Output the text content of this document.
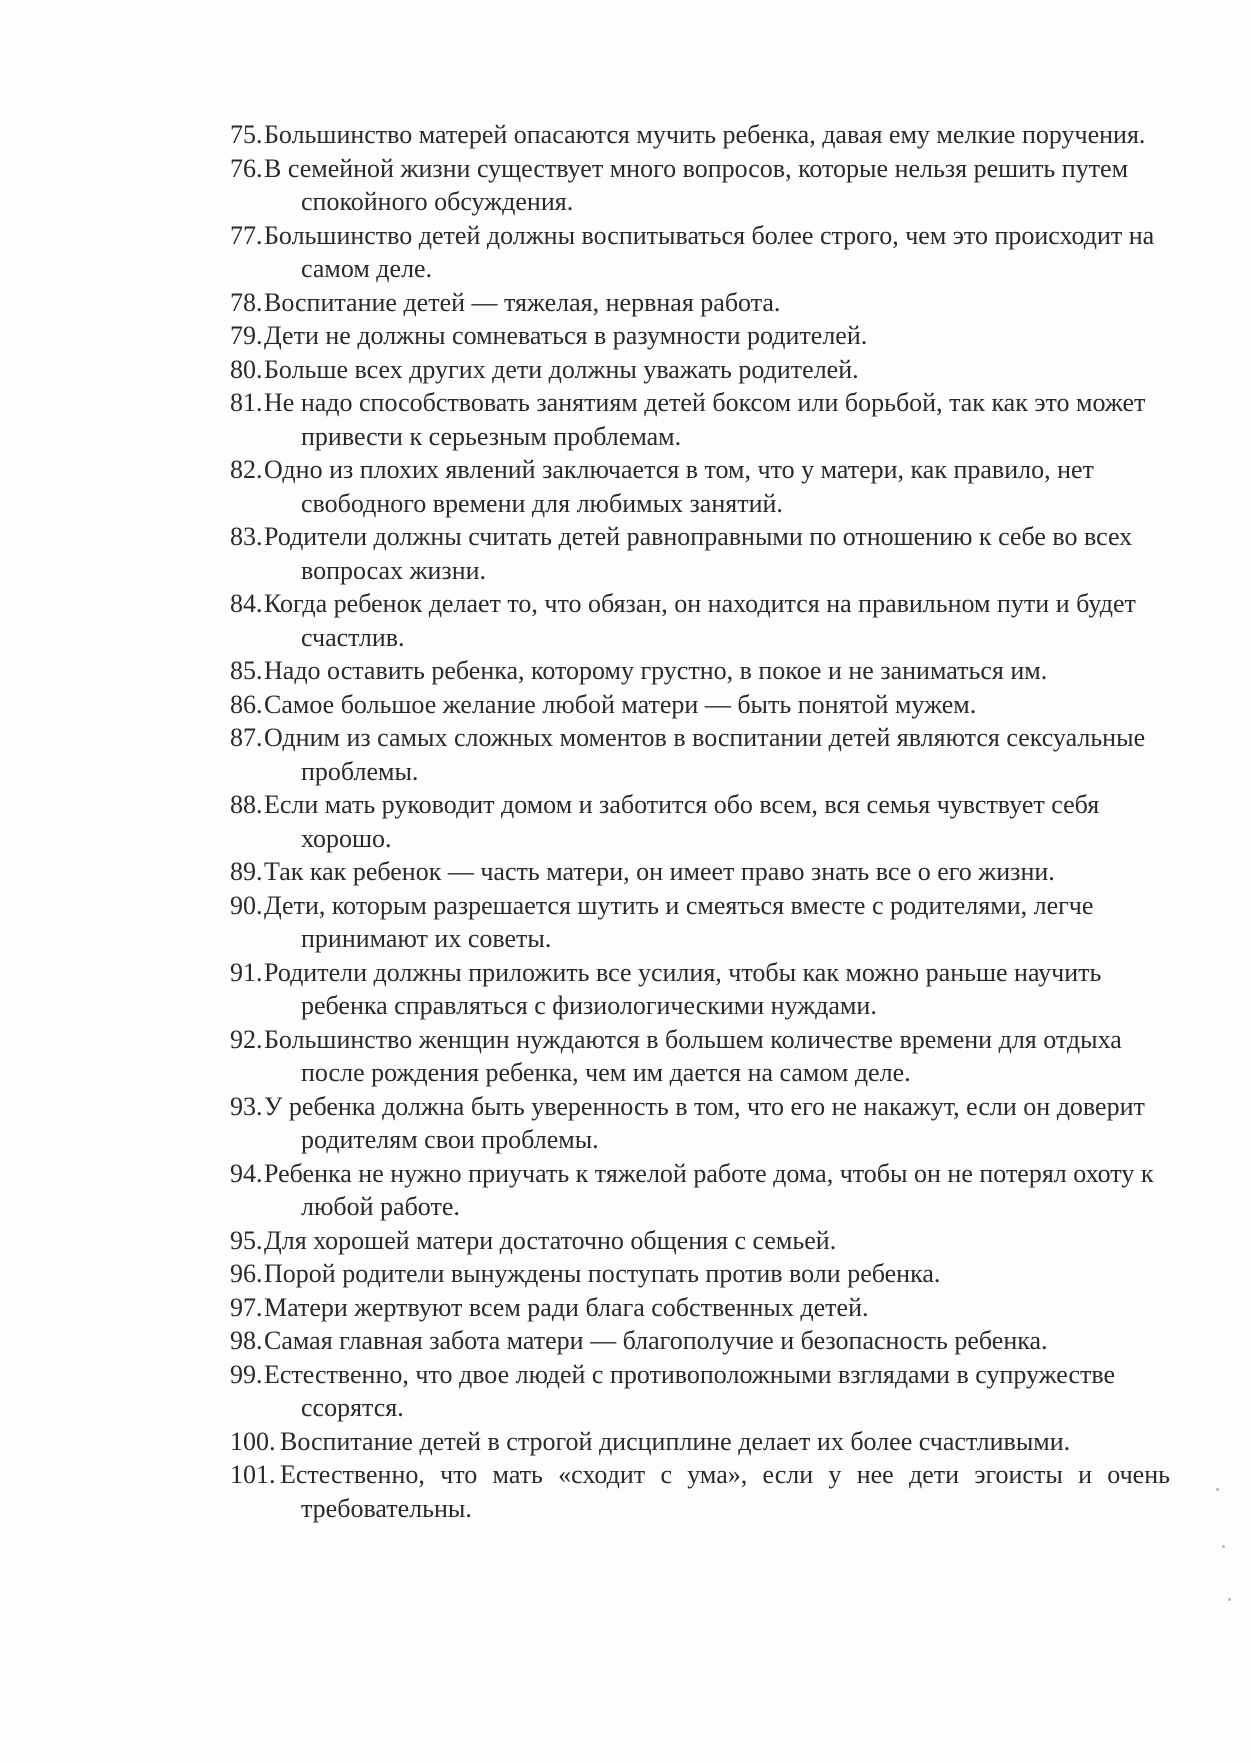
75. Большинство матерей опасаются мучить ребенка, давая ему мелкие поручения.
76. В семейной жизни существует много вопросов, которые нельзя решить путем спокойного обсуждения.
77. Большинство детей должны воспитываться более строго, чем это происходит на самом деле.
78. Воспитание детей — тяжелая, нервная работа.
79. Дети не должны сомневаться в разумности родителей.
80. Больше всех других дети должны уважать родителей.
81. Не надо способствовать занятиям детей боксом или борьбой, так как это может привести к серьезным проблемам.
82. Одно из плохих явлений заключается в том, что у матери, как правило, нет свободного времени для любимых занятий.
83. Родители должны считать детей равноправными по отношению к себе во всех вопросах жизни.
84. Когда ребенок делает то, что обязан, он находится на правильном пути и будет счастлив.
85. Надо оставить ребенка, которому грустно, в покое и не заниматься им.
86. Самое большое желание любой матери — быть понятой мужем.
87. Одним из самых сложных моментов в воспитании детей являются сексуальные проблемы.
88. Если мать руководит домом и заботится обо всем, вся семья чувствует себя хорошо.
89. Так как ребенок — часть матери, он имеет право знать все о его жизни.
90. Дети, которым разрешается шутить и смеяться вместе с родителями, легче принимают их советы.
91. Родители должны приложить все усилия, чтобы как можно раньше научить ребенка справляться с физиологическими нуждами.
92. Большинство женщин нуждаются в большем количестве времени для отдыха после рождения ребенка, чем им дается на самом деле.
93. У ребенка должна быть уверенность в том, что его не накажут, если он доверит родителям свои проблемы.
94. Ребенка не нужно приучать к тяжелой работе дома, чтобы он не потерял охоту к любой работе.
95. Для хорошей матери достаточно общения с семьей.
96. Порой родители вынуждены поступать против воли ребенка.
97. Матери жертвуют всем ради блага собственных детей.
98. Самая главная забота матери — благополучие и безопасность ребенка.
99. Естественно, что двое людей с противоположными взглядами в супружестве ссорятся.
100. Воспитание детей в строгой дисциплине делает их более счастливыми.
101. Естественно, что мать «сходит с ума», если у нее дети эгоисты и очень требовательны.
